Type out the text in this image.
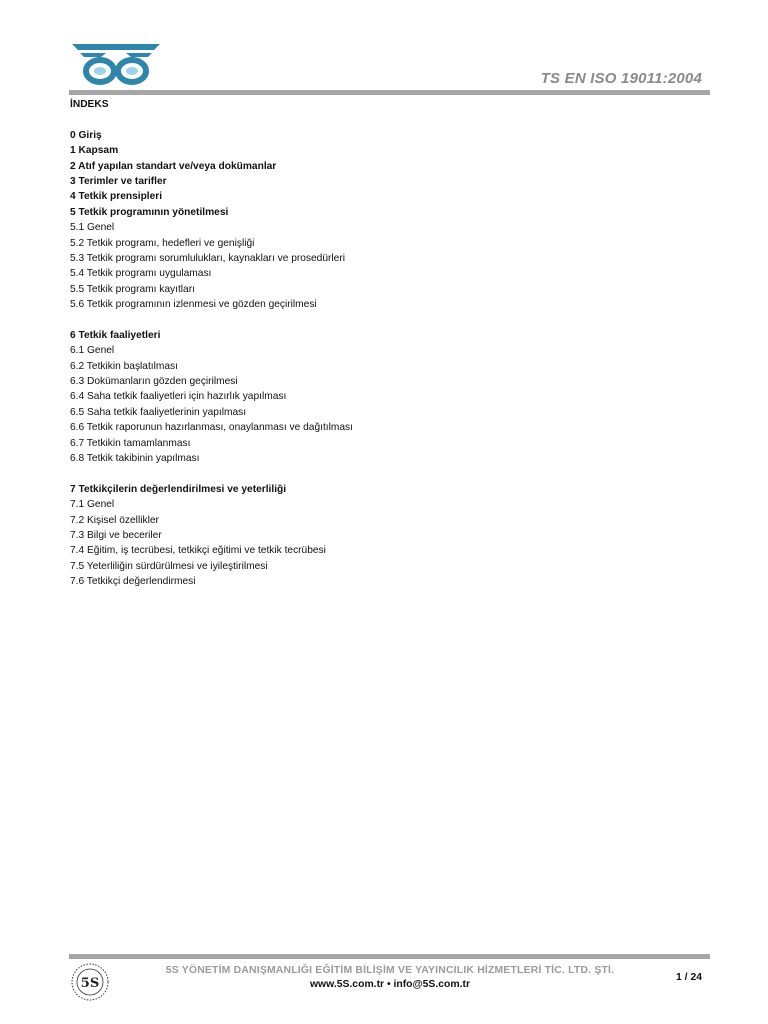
TS EN ISO 19011:2004
İNDEKS
0 Giriş
1 Kapsam
2 Atıf yapılan standart ve/veya dokümanlar
3 Terimler ve tarifler
4 Tetkik prensipleri
5 Tetkik programının yönetilmesi
5.1 Genel
5.2 Tetkik programı, hedefleri ve genişliği
5.3 Tetkik programı sorumlulukları, kaynakları ve prosedürleri
5.4 Tetkik programı uygulaması
5.5 Tetkik programı kayıtları
5.6 Tetkik programının izlenmesi ve gözden geçirilmesi
6 Tetkik faaliyetleri
6.1 Genel
6.2 Tetkikin başlatılması
6.3 Dokümanların gözden geçirilmesi
6.4 Saha tetkik faaliyetleri için hazırlık yapılması
6.5 Saha tetkik faaliyetlerinin yapılması
6.6 Tetkik raporunun hazırlanması, onaylanması ve dağıtılması
6.7 Tetkikin tamamlanması
6.8 Tetkik takibinin yapılması
7 Tetkikçilerin değerlendirilmesi ve yeterliliği
7.1 Genel
7.2 Kişisel özellikler
7.3 Bilgi ve beceriler
7.4 Eğitim, iş tecrübesi, tetkikçi eğitimi ve tetkik tecrübesi
7.5 Yeterliliğin sürdürülmesi ve iyileştirilmesi
7.6 Tetkikçi değerlendirmesi
5S
5S YÖNETİM DANIŞMANLIĞI EĞİTİM BİLİŞİM VE YAYINCILIK HİZMETLERİ TİC. LTD. ŞTİ.
www.5S.com.tr • info@5S.com.tr
1 / 24
